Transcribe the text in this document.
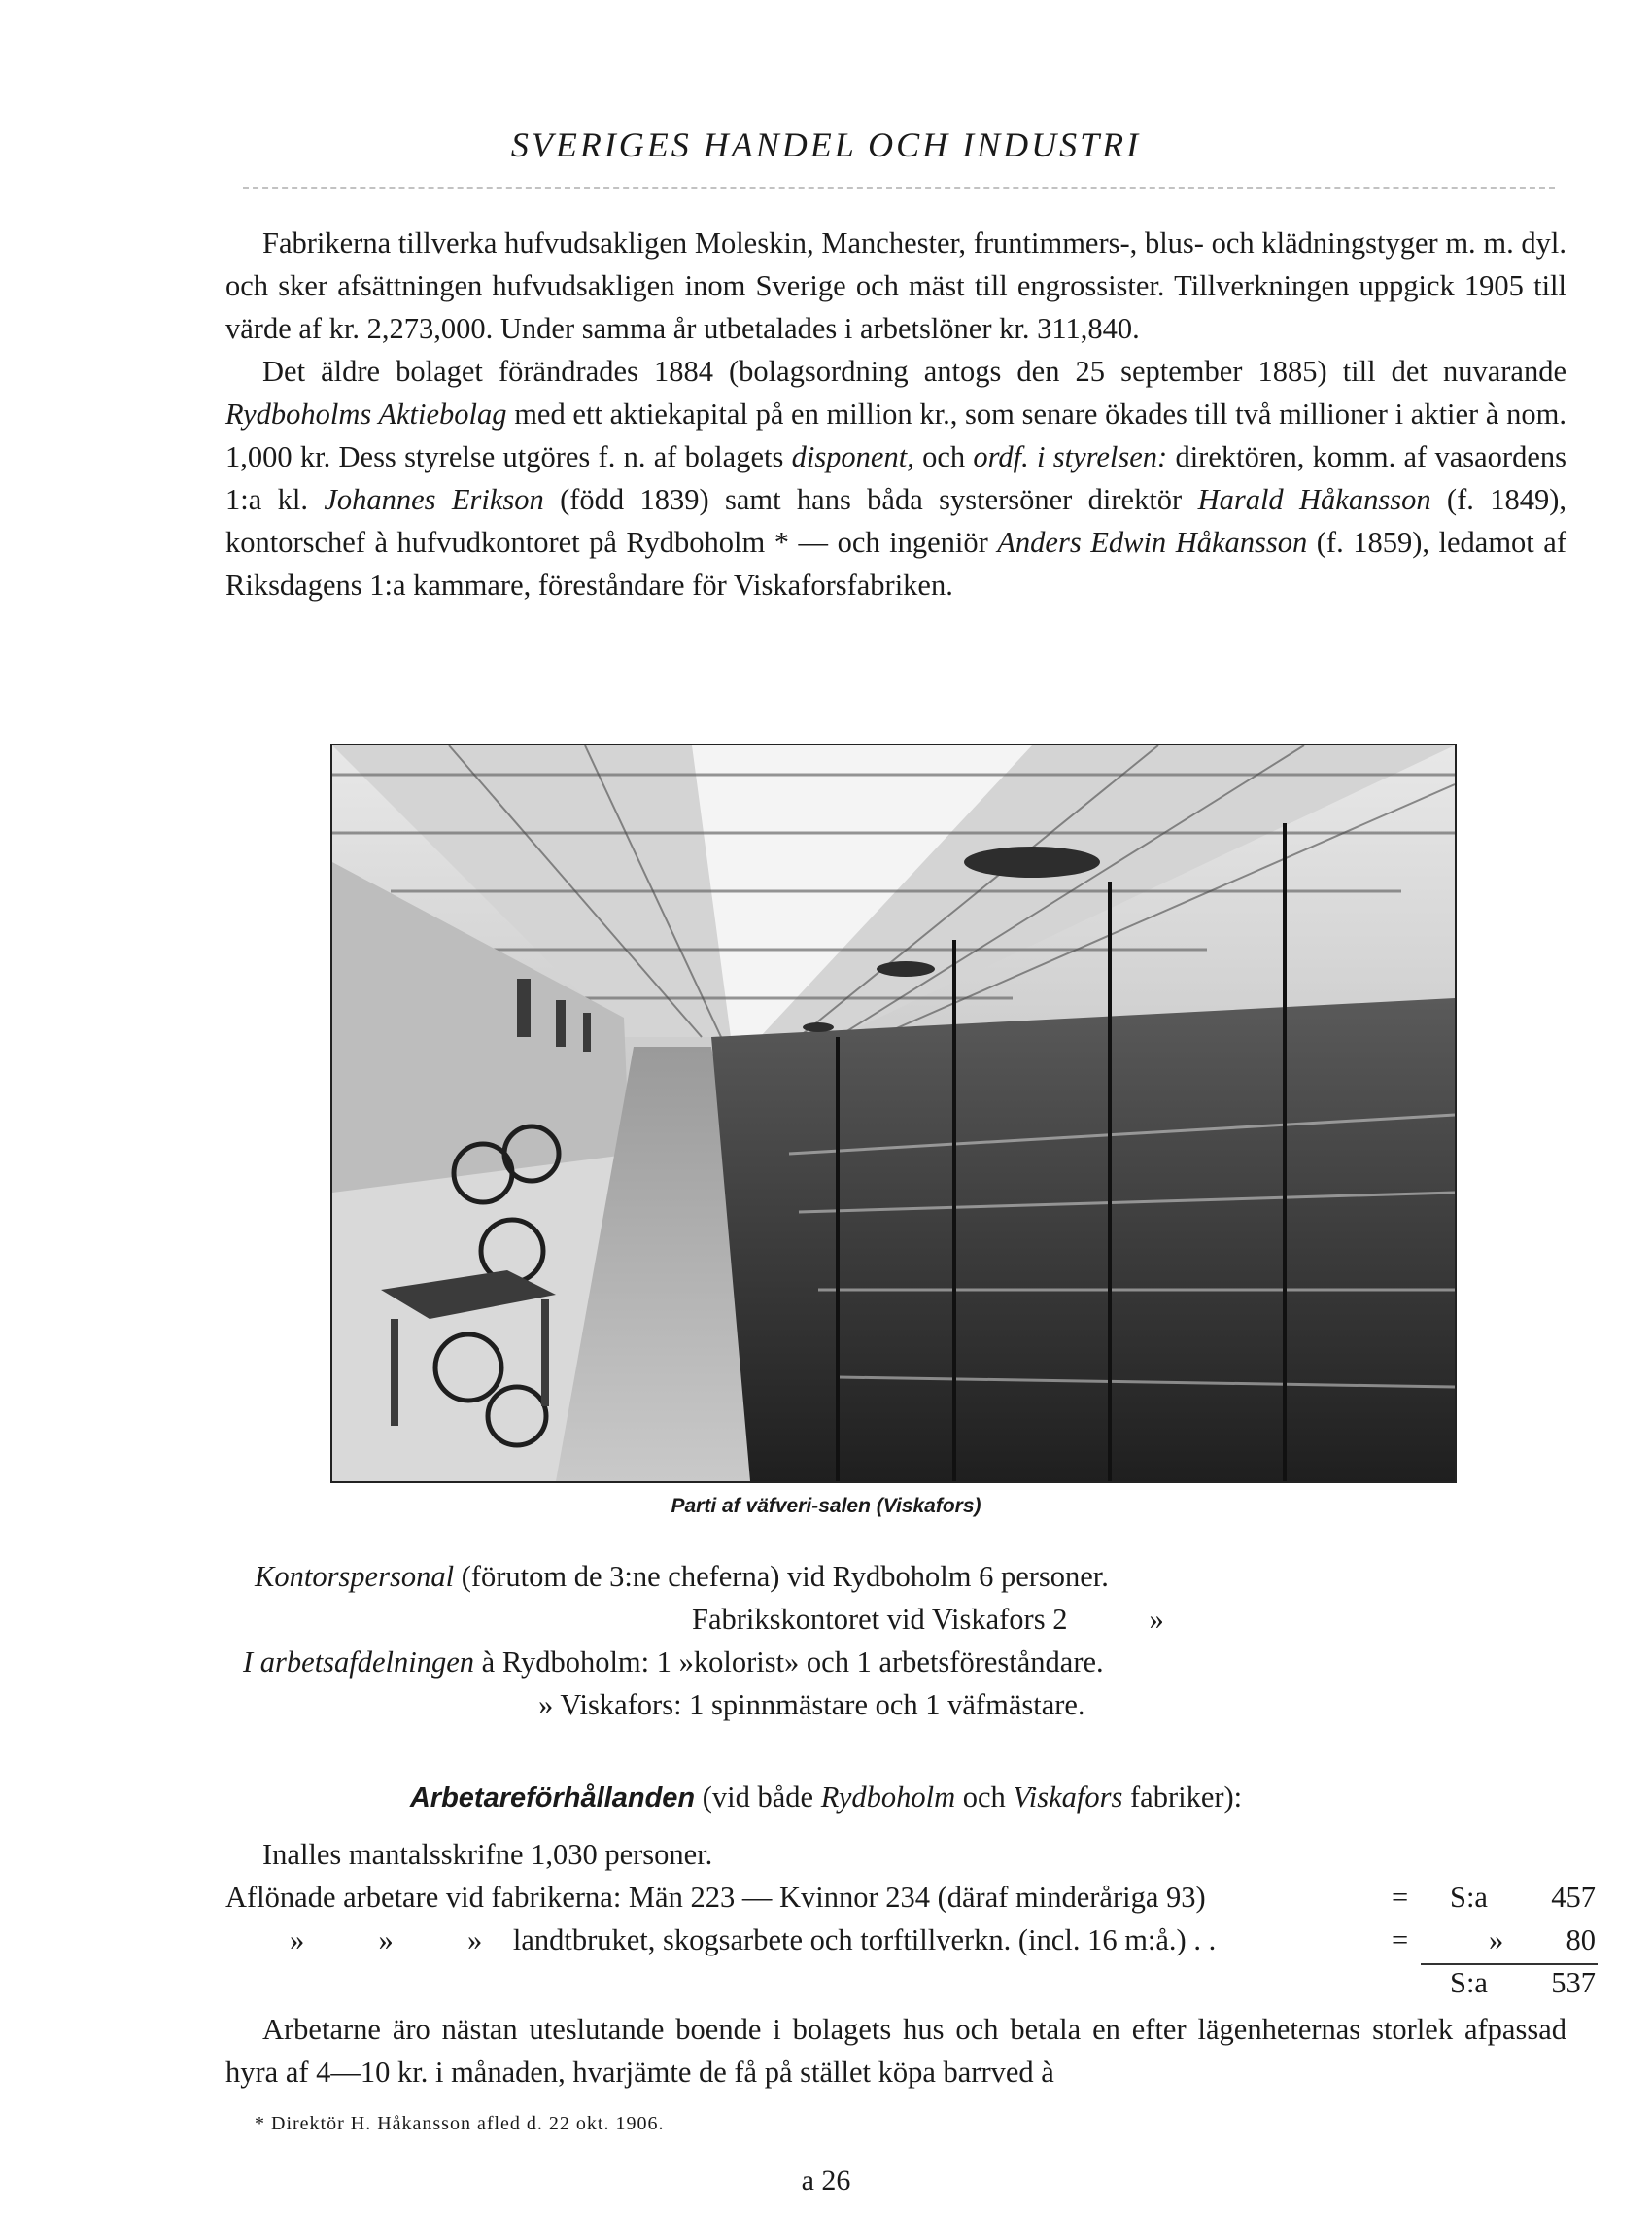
SVERIGES HANDEL OCH INDUSTRI

Fabrikerna tillverka hufvudsakligen Moleskin, Manchester, fruntimmers-, blus- och klädningstyger m. m. dyl. och sker afsättningen hufvudsakligen inom Sverige och mäst till engrossister. Tillverkningen uppgick 1905 till värde af kr. 2,273,000. Under samma år utbetalades i arbetslöner kr. 311,840.

Det äldre bolaget förändrades 1884 (bolagsordning antogs den 25 september 1885) till det nuvarande Rydboholms Aktiebolag med ett aktiekapital på en million kr., som senare ökades till två millioner i aktier à nom. 1,000 kr. Dess styrelse utgöres f. n. af bolagets disponent, och ordf. i styrelsen: direktören, komm. af vasaordens 1:a kl. Johannes Erikson (född 1839) samt hans båda systersöner direktör Harald Håkansson (f. 1849), kontorschef à hufvudkontoret på Rydboholm * — och ingeniör Anders Edwin Håkansson (f. 1859), ledamot af Riksdagens 1:a kammare, föreståndare för Viskaforsfabriken.

Parti af väfveri-salen (Viskafors)
Kontorspersonal (förutom de 3:ne cheferna) vid Rydboholm 6 personer.
Fabrikskontoret vid Viskafors 2	»
I arbetsafdelningen à Rydboholm: 1 »kolorist» och 1 arbetsföreståndare.
» Viskafors: 1 spinnmästare och 1 väfmästare.
Arbetareförhållanden (vid både Rydboholm och Viskafors fabriker):
Inalles mantalsskrifne 1,030 personer.
Aflönade arbetare vid fabrikerna: Män 223 — Kvinnor 234 (däraf minderåriga 93)	= S:a	457
»          »          » landtbruket, skogsarbete och torftillverkn. (incl. 16 m:å.) . .	=	»	80
S:a	537

Arbetarne äro nästan uteslutande boende i bolagets hus och betala en efter lägenheternas storlek afpassad hyra af 4—10 kr. i månaden, hvarjämte de få på stället köpa barrved à

* Direktör H. Håkansson afled d. 22 okt. 1906.
a 26
